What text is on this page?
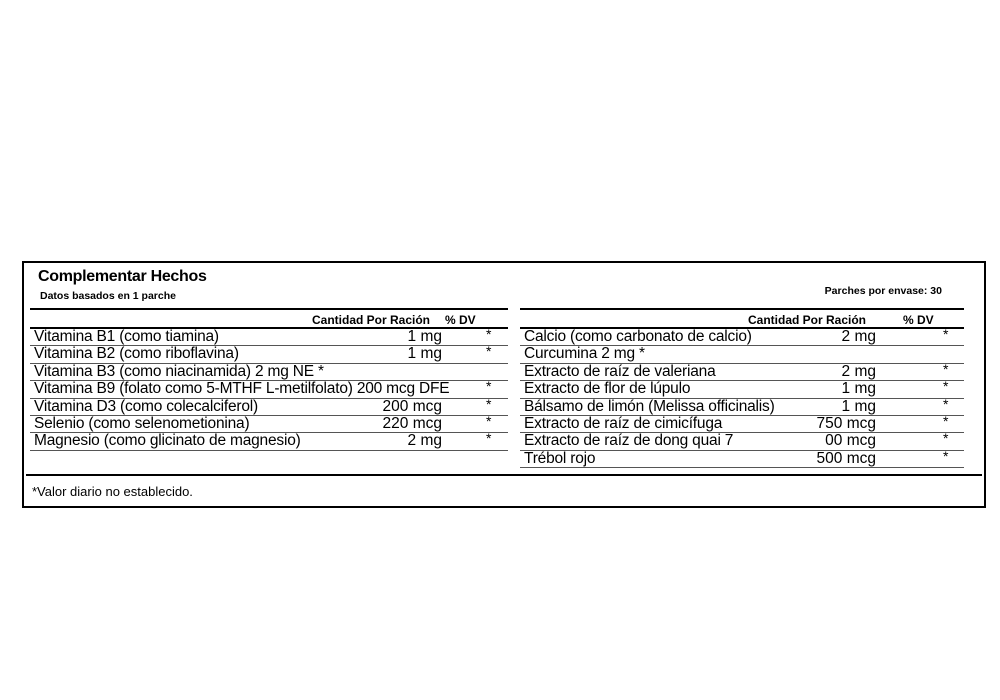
Complementar Hechos
Datos basados en 1 parche	Parches por envase: 30
Cantidad Por Ración % DV	Cantidad Por Ración	% DV
Vitamina B1 (como tiamina)	1 mg	*
Vitamina B2 (como riboflavina)	1 mg	*
Vitamina B3 (como niacinamida) 2 mg NE *
Vitamina B9 (folato como 5-MTHF L-metilfolato) 200 mcg DFE	*
Vitamina D3 (como colecalciferol)	200 mcg	*
Selenio (como selenometionina)	220 mcg	*
Magnesio (como glicinato de magnesio)	2 mg	*
Calcio (como carbonato de calcio)	2 mg	*
Curcumina 2 mg *
Extracto de raíz de valeriana	2 mg	*
Extracto de flor de lúpulo	1 mg	*
Bálsamo de limón (Melissa officinalis)	1 mg	*
Extracto de raíz de cimicífuga	750 mcg	*
Extracto de raíz de dong quai 7	00 mcg	*
Trébol rojo	500 mcg	*
*Valor diario no establecido.
